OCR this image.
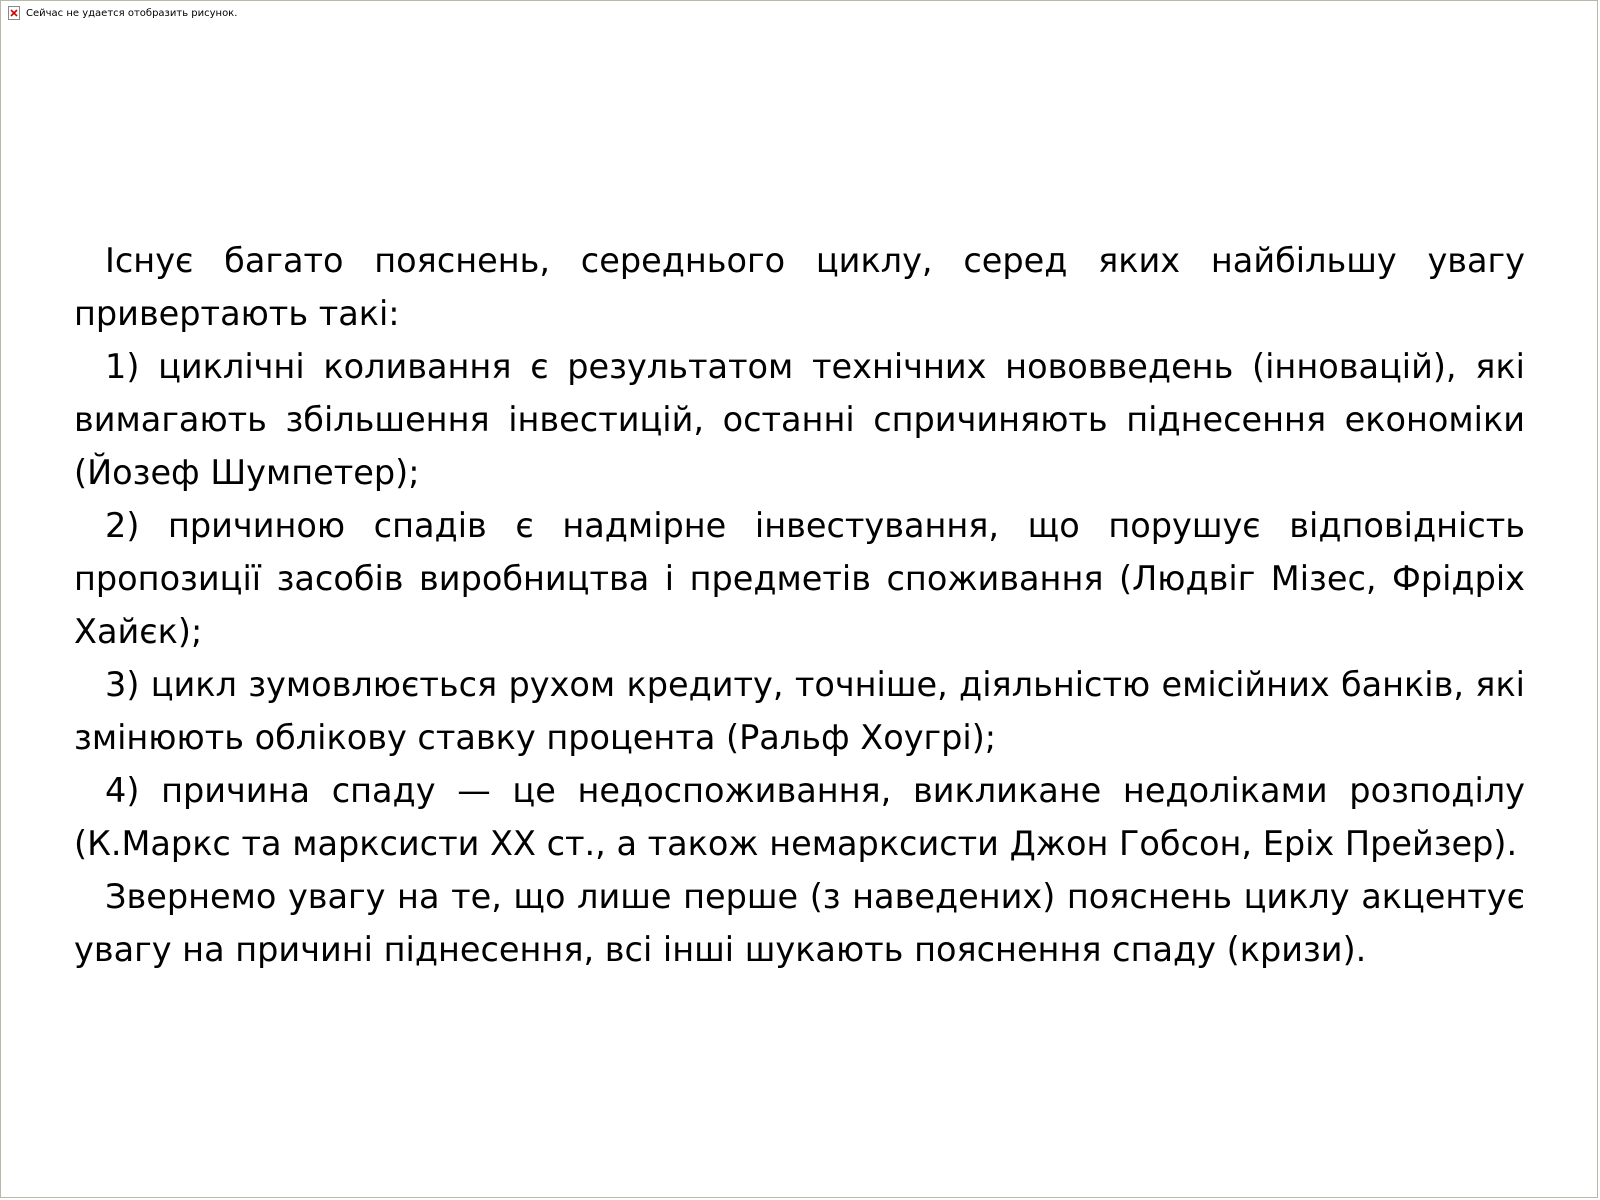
Сейчас не удается отобразить рисунок.

Існує багато пояснень, середнього циклу, серед яких найбільшу увагу привертають такі:

1) циклічні коливання є результатом технічних нововведень (інновацій), які вимагають збільшення інвестицій, останні спричиняють піднесення економіки (Йозеф Шумпетер);

2) причиною спадів є надмірне інвестування, що порушує відповідність пропозиції засобів виробництва і предметів споживання (Людвіг Мізес, Фрідріх Хайєк);

3) цикл зумовлюється рухом кредиту, точніше, діяльністю емісійних банків, які змінюють облікову ставку процента (Ральф Хоугрі);

4) причина спаду — це недоспоживання, викликане недоліками розподілу (К.Маркс та марксисти XX ст., а також немарксисти Джон Гобсон, Еріх Прейзер).

Звернемо увагу на те, що лише перше (з наведених) пояснень циклу акцентує увагу на причині піднесення, всі інші шукають пояснення спаду (кризи).
